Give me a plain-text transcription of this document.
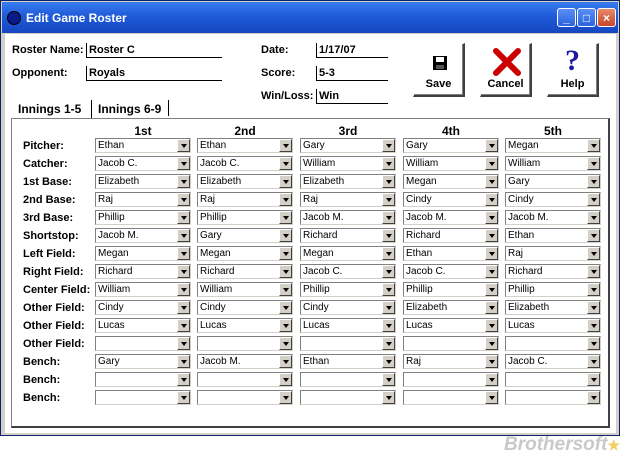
Edit Game Roster	_	□	×
Roster Name: Roster C
Opponent: Royals
Date:	1/17/07
Score: 5-3
Win/Loss: Win
Save	Cancel
?
Help
Innings 1-5	Innings 6-9
1st	2nd	3rd	4th	5th
Pitcher:	Ethan	Ethan	Gary	Gary	Megan
Catcher:	Jacob C.	Jacob C.	William	William	William
1st Base:	Elizabeth	Elizabeth	Elizabeth	Megan	Gary
2nd Base:	Raj	Raj	Raj	Cindy	Cindy
3rd Base:	Phillip	Phillip	Jacob M.	Jacob M.	Jacob M.
Shortstop:	Jacob M.	Gary	Richard	Richard	Ethan
Left Field:	Megan	Megan	Megan	Ethan	Raj
Right Field:	Richard	Richard	Jacob C.	Jacob C.	Richard
Center Field: William	William	Phillip	Phillip	Phillip
Other Field:	Cindy	Cindy	Cindy	Elizabeth	Elizabeth
Other Field:	Lucas	Lucas	Lucas	Lucas	Lucas
Other Field:
Bench:	Gary	Jacob M.	Ethan	Raj	Jacob C.
Bench:
Bench:
Brothersoft★
